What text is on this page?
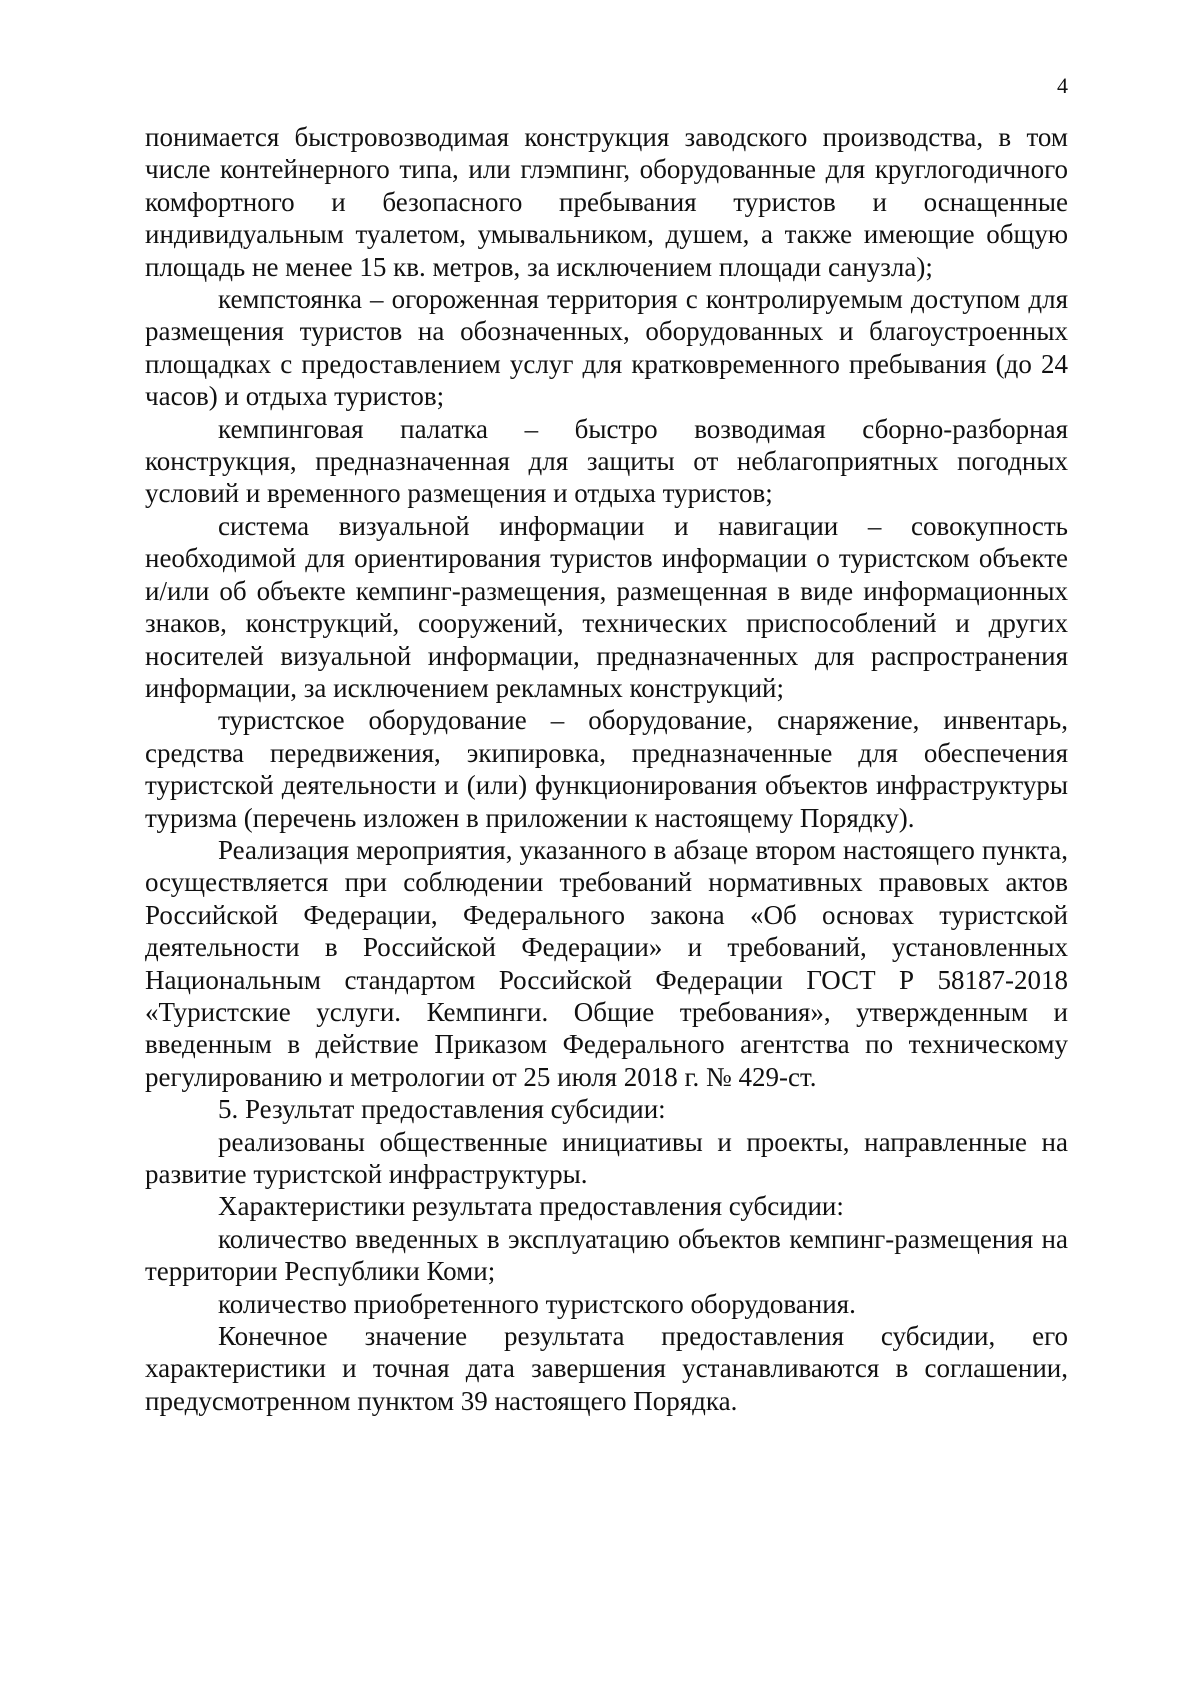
4

понимается быстровозводимая конструкция заводского производства, в том числе контейнерного типа, или глэмпинг, оборудованные для круглогодичного комфортного и безопасного пребывания туристов и оснащенные индивидуальным туалетом, умывальником, душем, а также имеющие общую площадь не менее 15 кв. метров, за исключением площади санузла);

кемпстоянка – огороженная территория с контролируемым доступом для размещения туристов на обозначенных, оборудованных и благоустроенных площадках с предоставлением услуг для кратковременного пребывания (до 24 часов) и отдыха туристов;

кемпинговая палатка – быстро возводимая сборно-разборная конструкция, предназначенная для защиты от неблагоприятных погодных условий и временного размещения и отдыха туристов;

система визуальной информации и навигации – совокупность необходимой для ориентирования туристов информации о туристском объекте и/или об объекте кемпинг-размещения, размещенная в виде информационных знаков, конструкций, сооружений, технических приспособлений и других носителей визуальной информации, предназначенных для распространения информации, за исключением рекламных конструкций;

туристское оборудование – оборудование, снаряжение, инвентарь, средства передвижения, экипировка, предназначенные для обеспечения туристской деятельности и (или) функционирования объектов инфраструктуры туризма (перечень изложен в приложении к настоящему Порядку).

Реализация мероприятия, указанного в абзаце втором настоящего пункта, осуществляется при соблюдении требований нормативных правовых актов Российской Федерации, Федерального закона «Об основах туристской деятельности в Российской Федерации» и требований, установленных Национальным стандартом Российской Федерации ГОСТ Р 58187-2018 «Туристские услуги. Кемпинги. Общие требования», утвержденным и введенным в действие Приказом Федерального агентства по техническому регулированию и метрологии от 25 июля 2018 г. № 429-ст.

5. Результат предоставления субсидии:

реализованы общественные инициативы и проекты, направленные на развитие туристской инфраструктуры.

Характеристики результата предоставления субсидии:

количество введенных в эксплуатацию объектов кемпинг-размещения на территории Республики Коми;

количество приобретенного туристского оборудования.

Конечное значение результата предоставления субсидии, его характеристики и точная дата завершения устанавливаются в соглашении, предусмотренном пунктом 39 настоящего Порядка.
